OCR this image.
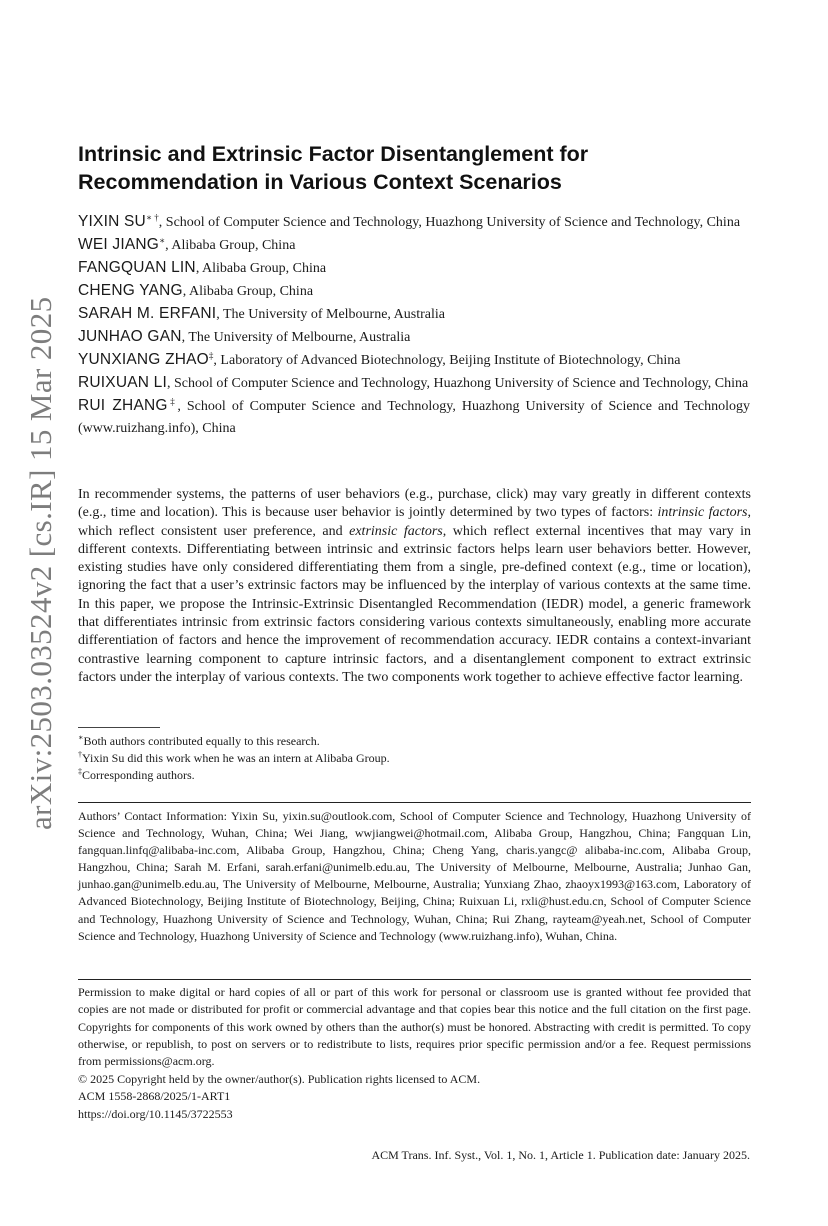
arXiv:2503.03524v2 [cs.IR] 15 Mar 2025
Intrinsic and Extrinsic Factor Disentanglement for
Recommendation in Various Context Scenarios
YIXIN SU∗ †, School of Computer Science and Technology, Huazhong University of Science and Technology, China
WEI JIANG∗, Alibaba Group, China
FANGQUAN LIN, Alibaba Group, China
CHENG YANG, Alibaba Group, China
SARAH M. ERFANI, The University of Melbourne, Australia
JUNHAO GAN, The University of Melbourne, Australia
YUNXIANG ZHAO‡, Laboratory of Advanced Biotechnology, Beijing Institute of Biotechnology, China
RUIXUAN LI, School of Computer Science and Technology, Huazhong University of Science and Technology, China
RUI ZHANG‡, School of Computer Science and Technology, Huazhong University of Science and Technology (www.ruizhang.info), China

In recommender systems, the patterns of user behaviors (e.g., purchase, click) may vary greatly in different contexts (e.g., time and location). This is because user behavior is jointly determined by two types of factors: intrinsic factors, which reflect consistent user preference, and extrinsic factors, which reflect external incentives that may vary in different contexts. Differentiating between intrinsic and extrinsic factors helps learn user behaviors better. However, existing studies have only considered differentiating them from a single, pre-defined context (e.g., time or location), ignoring the fact that a user’s extrinsic factors may be influenced by the interplay of various contexts at the same time. In this paper, we propose the Intrinsic-Extrinsic Disentangled Recommendation (IEDR) model, a generic framework that differentiates intrinsic from extrinsic factors considering various contexts simultaneously, enabling more accurate differentiation of factors and hence the improvement of recommendation accuracy. IEDR contains a context-invariant contrastive learning component to capture intrinsic factors, and a disentanglement component to extract extrinsic factors under the interplay of various contexts. The two components work together to achieve effective factor learning.

∗Both authors contributed equally to this research.
†Yixin Su did this work when he was an intern at Alibaba Group.
‡Corresponding authors.

Authors’ Contact Information: Yixin Su, yixin.su@outlook.com, School of Computer Science and Technology, Huazhong University of Science and Technology, Wuhan, China; Wei Jiang, wwjiangwei@hotmail.com, Alibaba Group, Hangzhou, China; Fangquan Lin, fangquan.linfq@alibaba-inc.com, Alibaba Group, Hangzhou, China; Cheng Yang, charis.yangc@ alibaba-inc.com, Alibaba Group, Hangzhou, China; Sarah M. Erfani, sarah.erfani@unimelb.edu.au, The University of Melbourne, Melbourne, Australia; Junhao Gan, junhao.gan@unimelb.edu.au, The University of Melbourne, Melbourne, Australia; Yunxiang Zhao, zhaoyx1993@163.com, Laboratory of Advanced Biotechnology, Beijing Institute of Biotechnology, Beijing, China; Ruixuan Li, rxli@hust.edu.cn, School of Computer Science and Technology, Huazhong University of Science and Technology, Wuhan, China; Rui Zhang, rayteam@yeah.net, School of Computer Science and Technology, Huazhong University of Science and Technology (www.ruizhang.info), Wuhan, China.

Permission to make digital or hard copies of all or part of this work for personal or classroom use is granted without fee provided that copies are not made or distributed for profit or commercial advantage and that copies bear this notice and the full citation on the first page. Copyrights for components of this work owned by others than the author(s) must be honored. Abstracting with credit is permitted. To copy otherwise, or republish, to post on servers or to redistribute to lists, requires prior specific permission and/or a fee. Request permissions from permissions@acm.org.

© 2025 Copyright held by the owner/author(s). Publication rights licensed to ACM.
ACM 1558-2868/2025/1-ART1
https://doi.org/10.1145/3722553
ACM Trans. Inf. Syst., Vol. 1, No. 1, Article 1. Publication date: January 2025.
